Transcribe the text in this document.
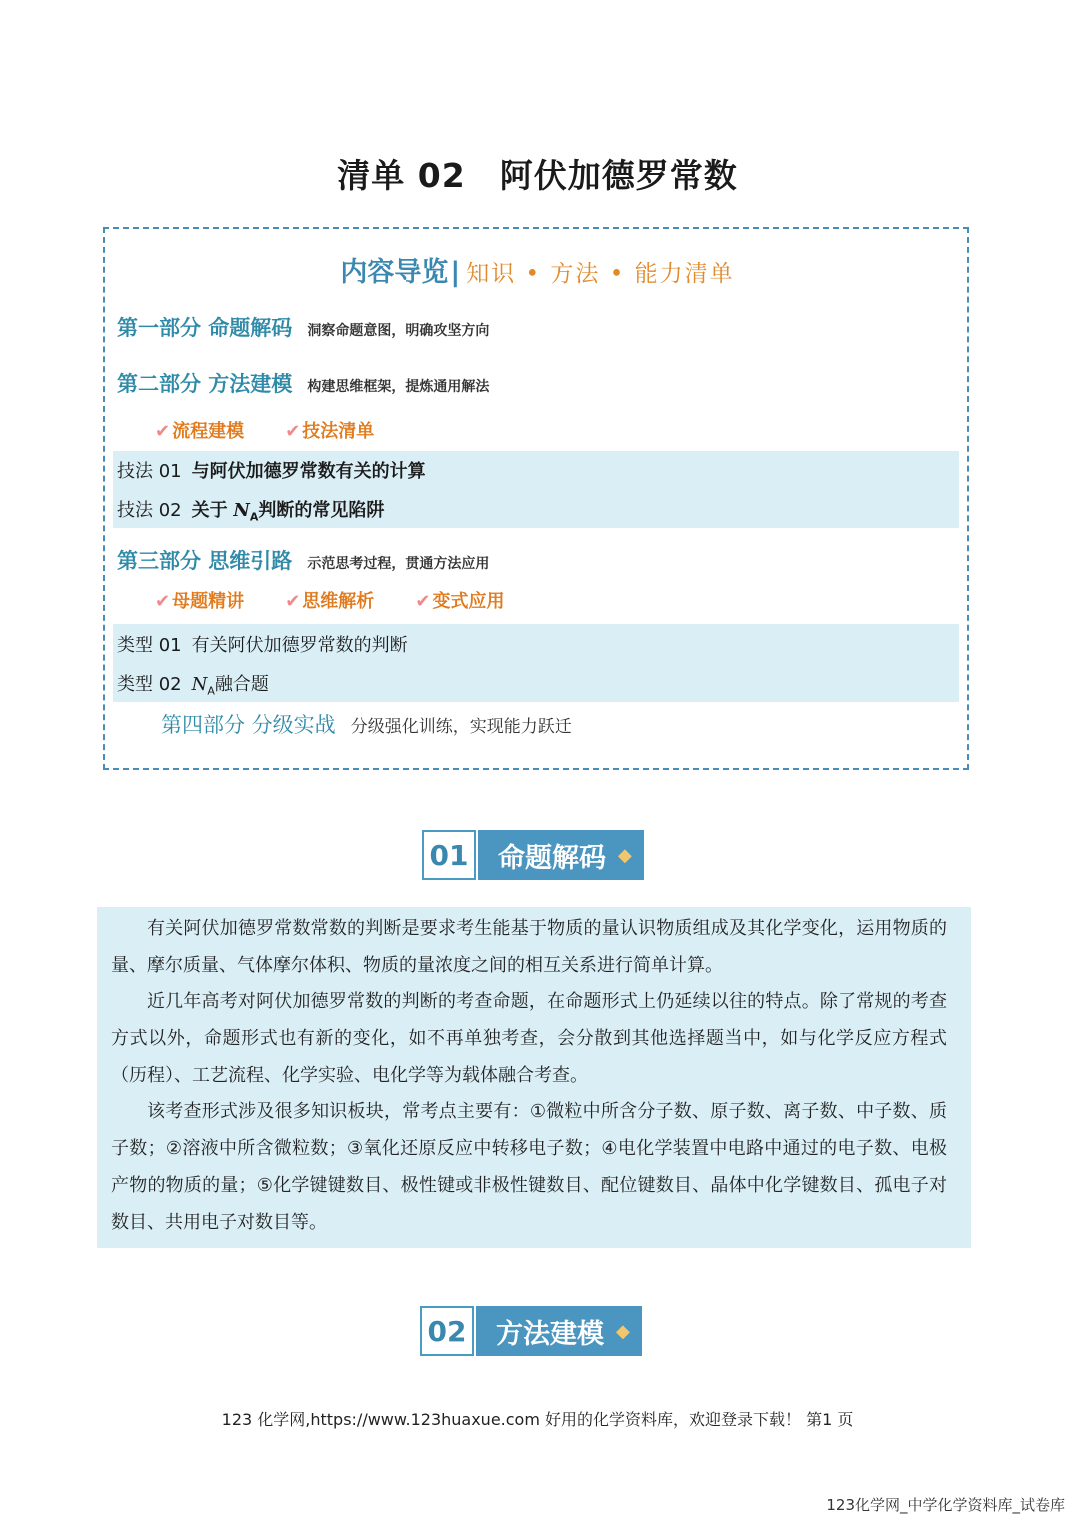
清单 02　阿伏加德罗常数
内容导览| 知识 • 方法 • 能力清单
第一部分 命题解码 洞察命题意图，明确攻坚方向
第二部分 方法建模 构建思维框架，提炼通用解法
✔ 流程建模 ✔ 技法清单
技法 01 与阿伏加德罗常数有关的计算
技法 02 关于 $N_A$判断的常见陷阱
第三部分 思维引路 示范思考过程，贯通方法应用
✔ 母题精讲 ✔ 思维解析 ✔ 变式应用
类型 01 有关阿伏加德罗常数的判断
类型 02 $N_A$融合题
第四部分 分级实战 分级强化训练，实现能力跃迁
01 命题解码 ◆

有关阿伏加德罗常数常数的判断是要求考生能基于物质的量认识物质组成及其化学变化，运用物质的量、摩尔质量、气体摩尔体积、物质的量浓度之间的相互关系进行简单计算。

近几年高考对阿伏加德罗常数的判断的考查命题，在命题形式上仍延续以往的特点。除了常规的考查方式以外，命题形式也有新的变化，如不再单独考查，会分散到其他选择题当中，如与化学反应方程式（历程）、工艺流程、化学实验、电化学等为载体融合考查。

该考查形式涉及很多知识板块，常考点主要有：①微粒中所含分子数、原子数、离子数、中子数、质子数；②溶液中所含微粒数；③氧化还原反应中转移电子数；④电化学装置中电路中通过的电子数、电极产物的物质的量；⑤化学键键数目、极性键或非极性键数目、配位键数目、晶体中化学键数目、孤电子对数目、共用电子对数目等。

02 方法建模 ◆
123 化学网,https://www.123huaxue.com 好用的化学资料库，欢迎登录下载！ 第1 页
123化学网_中学化学资料库_试卷库
